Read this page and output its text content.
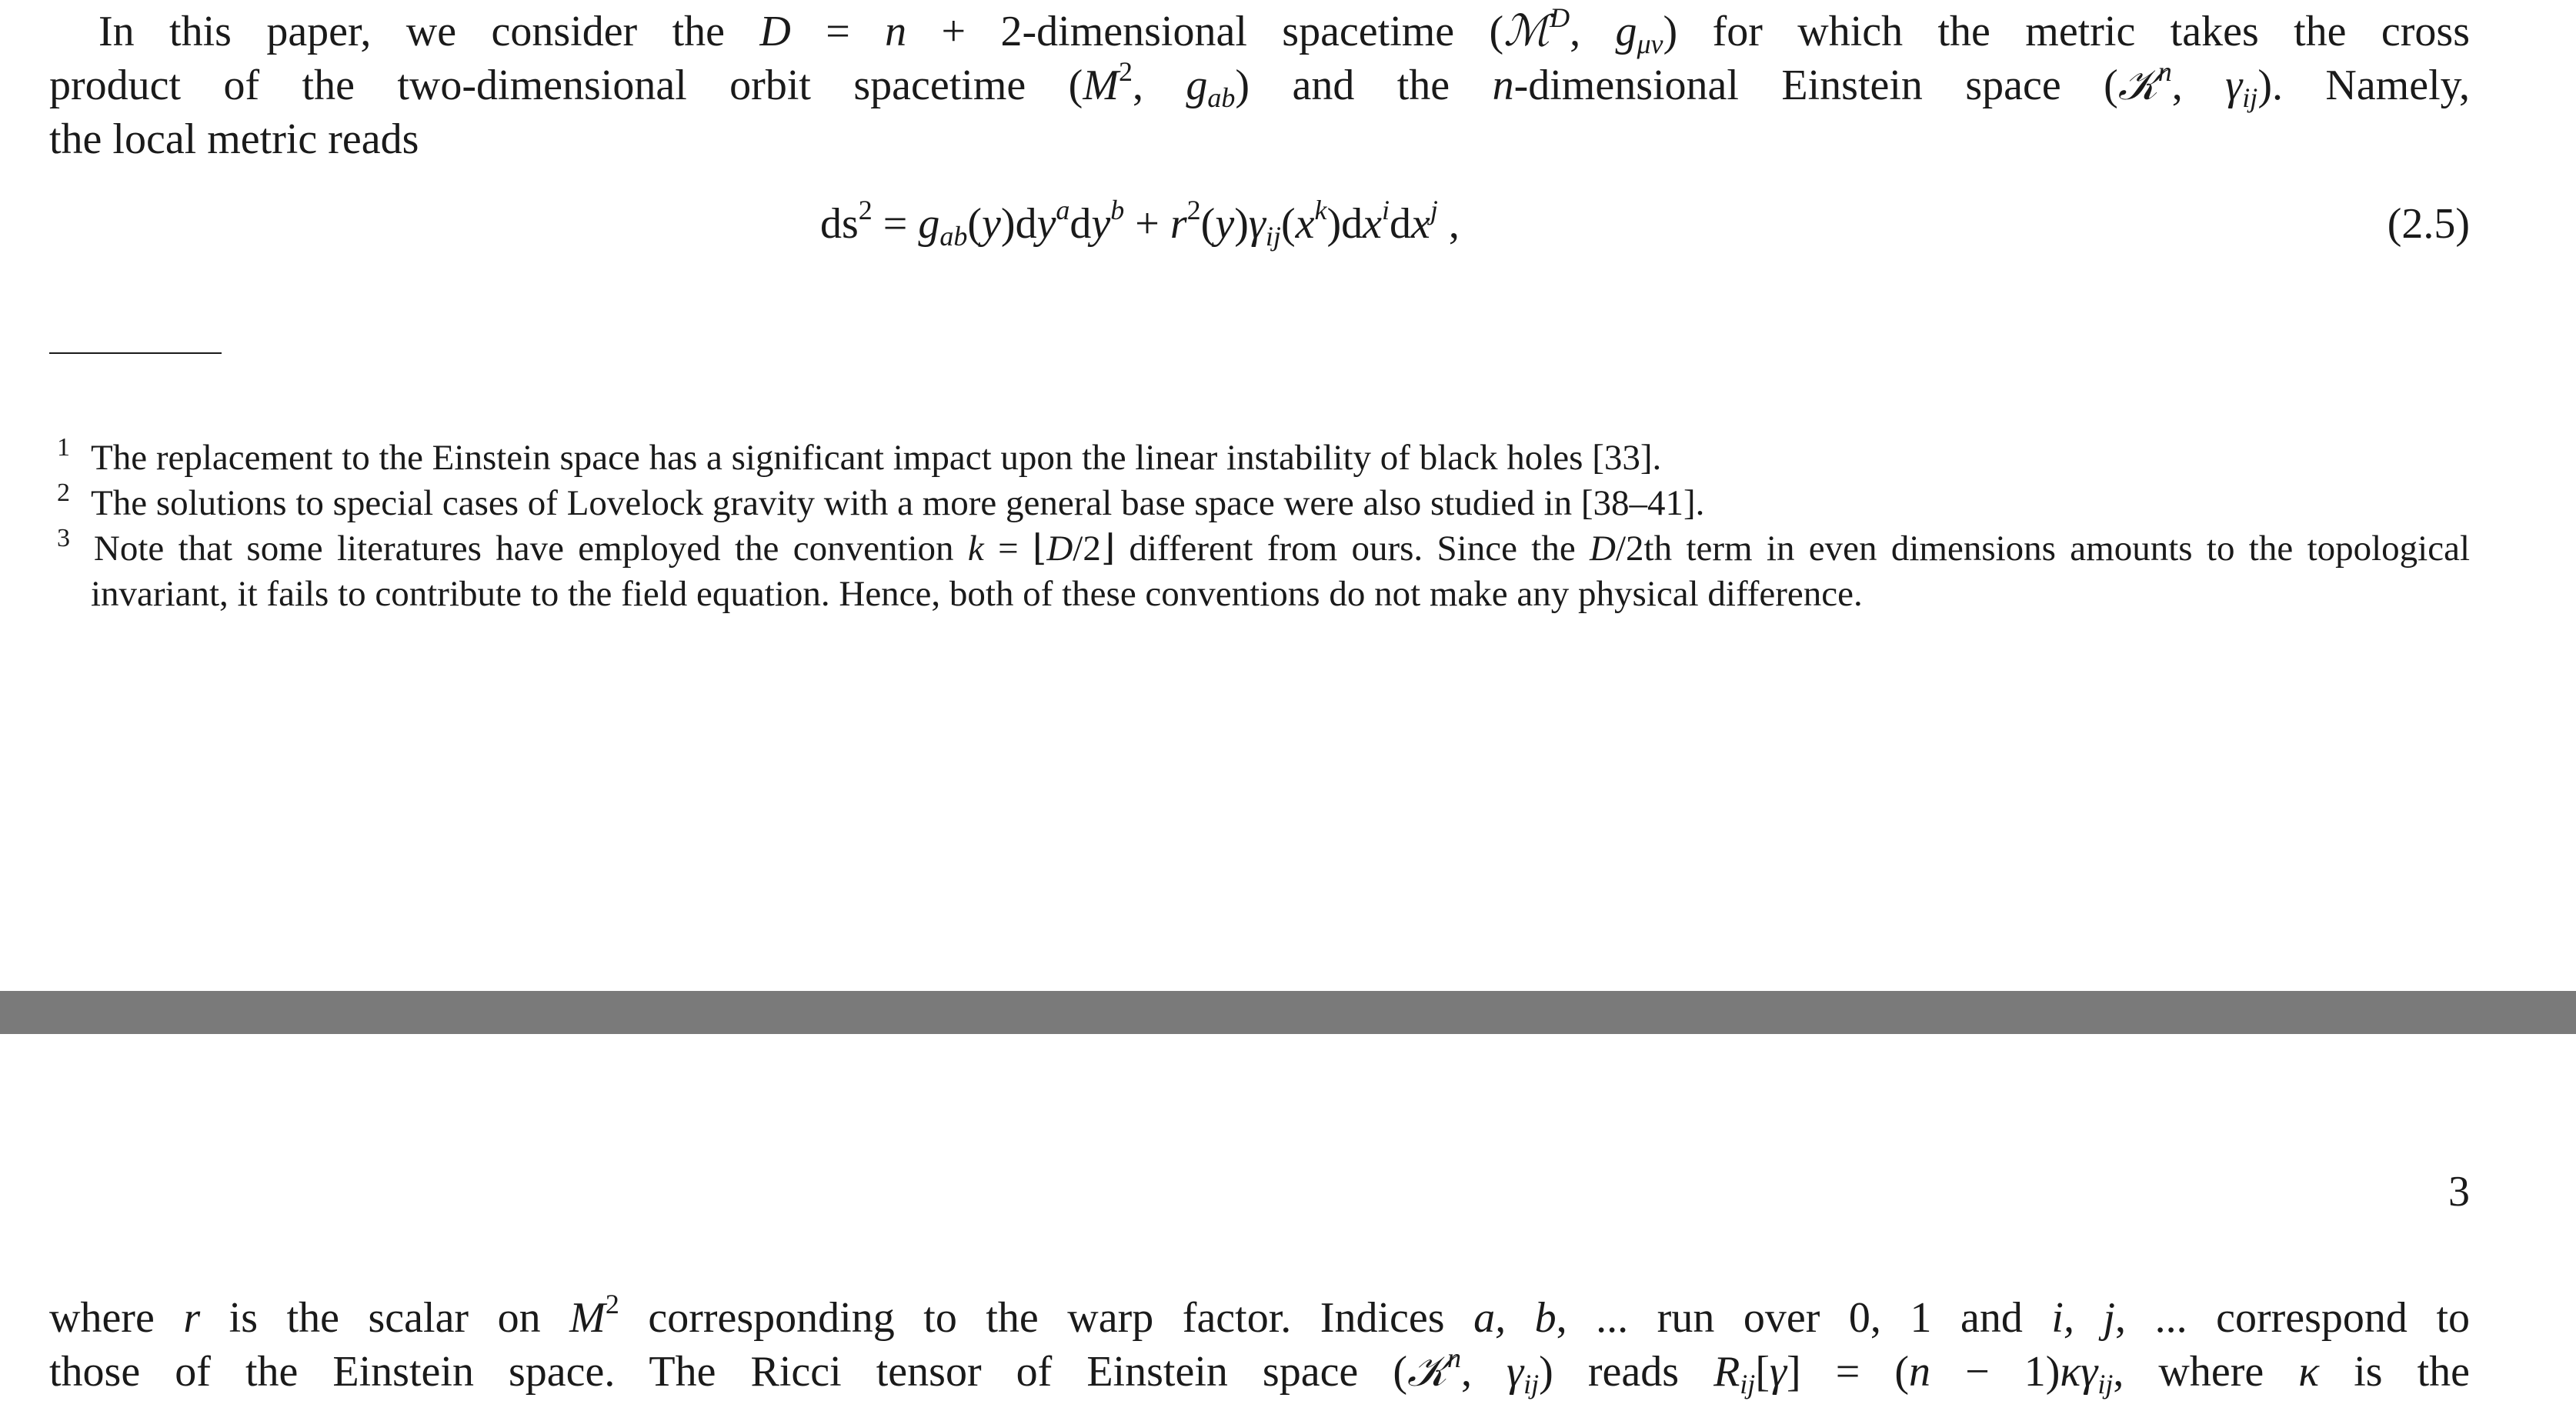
In this paper, we consider the D = n + 2-dimensional spacetime (ℳ$^D$, $g_{\mu\nu}$) for which the metric takes the cross
product of the two-dimensional orbit spacetime ($M^2$, $g_{ab}$) and the n-dimensional Einstein space (𝒦$^n$, $\gamma_{ij}$). Namely,
the local metric reads
$ds^2 = g_{ab}(y)dy^ady^b + r^2(y)\gamma_{ij}(x^k)dx^idx^j$ ,	(2.5)
1 The replacement to the Einstein space has a significant impact upon the linear instability of black holes [33].
2 The solutions to special cases of Lovelock gravity with a more general base space were also studied in [38–41].
3  Note that some literatures have employed the convention k = ⌊D/2⌋ different from ours. Since the D/2th term in even dimensions amounts to the topological invariant, it fails to contribute to the field equation. Hence, both of these conventions do not make any physical difference.
3
where r is the scalar on $M^2$ corresponding to the warp factor. Indices a, b, ... run over 0, 1 and i, j, ... correspond to
those of the Einstein space. The Ricci tensor of Einstein space (𝒦$^n$, $\gamma_{ij}$) reads $R_{ij}[\gamma] = (n - 1)\kappa\gamma_{ij}$, where κ is the
